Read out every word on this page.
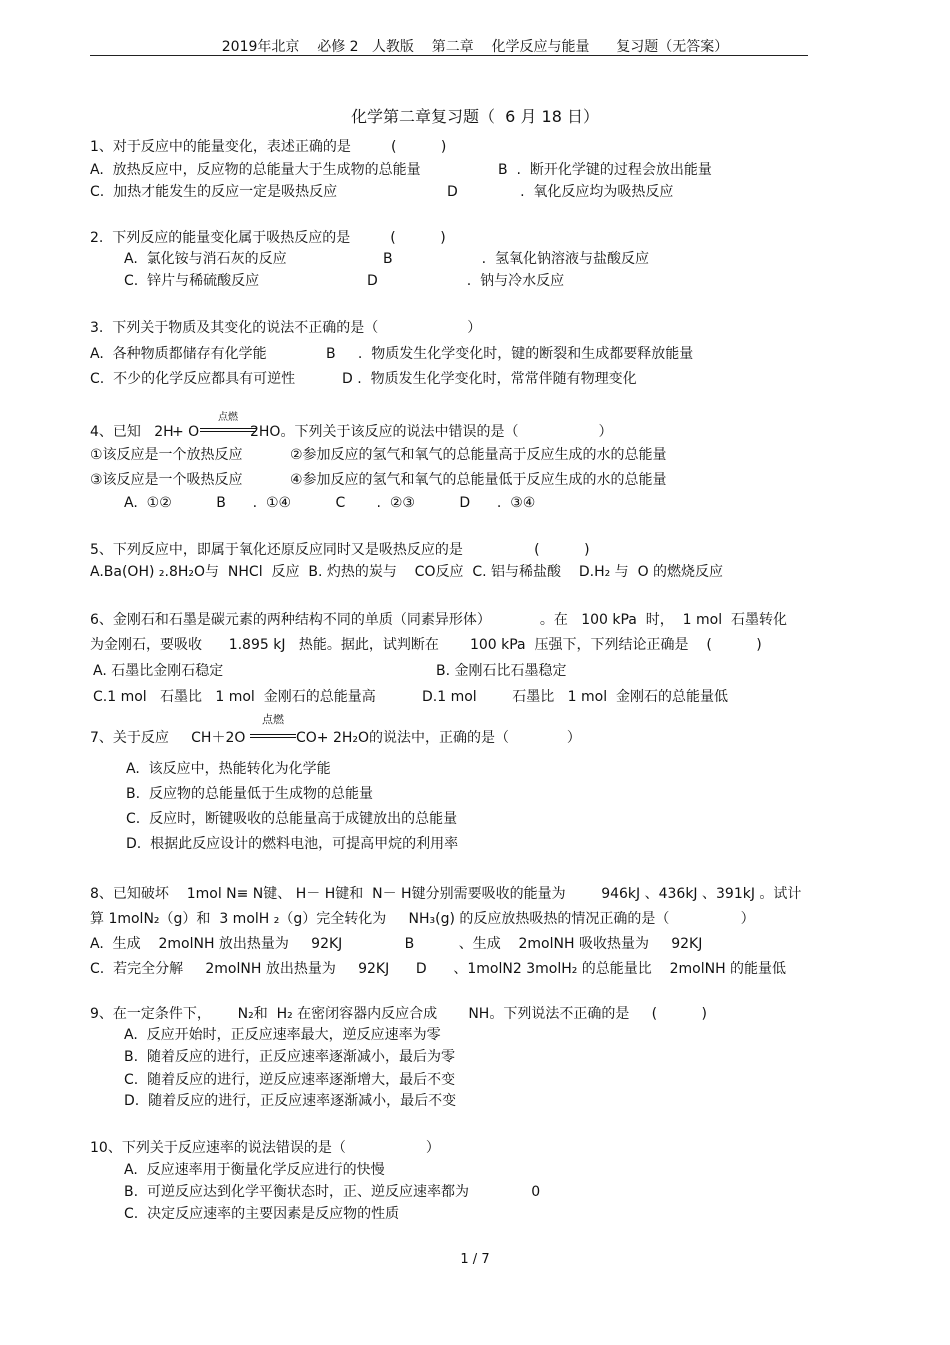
2019年北京    必修 2   人教版    第二章    化学反应与能量      复习题（无答案）
化学第二章复习题（  6 月 18 日）
1、对于反应中的能量变化，表述正确的是         (          )
A.  放热反应中，反应物的总能量大于生成物的总能量	B  .  断开化学键的过程会放出能量
C.  加热才能发生的反应一定是吸热反应	D              .  氧化反应均为吸热反应
2.  下列反应的能量变化属于吸热反应的是         (          )
A.  氯化铵与消石灰的反应	B                    .  氢氧化钠溶液与盐酸反应
C.  锌片与稀硫酸反应	D                    .  钠与冷水反应
3.  下列关于物质及其变化的说法不正确的是（                    ）
A.  各种物质都储存有化学能	B     .  物质发生化学变化时，键的断裂和生成都要释放能量
C.  不少的化学反应都具有可逆性	D .  物质发生化学变化时，常常伴随有物理变化
4、已知   2H
+ O
点燃
2HO。下列关于该反应的说法中错误的是（                  ）
①该反应是一个放热反应	②参加反应的氢气和氧气的总能量高于反应生成的水的总能量
③该反应是一个吸热反应	④参加反应的氢气和氧气的总能量低于反应生成的水的总能量
A.  ①②          B      .  ①④          C       .  ②③          D      .  ③④
5、下列反应中，即属于氧化还原反应同时又是吸热反应的是                (          )
A.Ba(OH) ₂.8H₂O与  NHCl  反应  B. 灼热的炭与    CO反应  C. 铝与稀盐酸    D.H₂ 与  O 的燃烧反应
6、金刚石和石墨是碳元素的两种结构不同的单质（同素异形体）           。在   100 kPa  时，  1 mol  石墨转化
为金刚石，要吸收      1.895 kJ   热能。据此，试判断在       100 kPa  压强下，下列结论正确是    (          )
A. 石墨比金刚石稳定	B. 金刚石比石墨稳定
C.1 mol   石墨比   1 mol  金刚石的总能量高	D.1 mol        石墨比   1 mol  金刚石的总能量低
7、关于反应     CH＋2O
点燃
CO+ 2H₂O的说法中，正确的是（             ）
A.  该反应中，热能转化为化学能
B.  反应物的总能量低于生成物的总能量
C.  反应时，断键吸收的总能量高于成键放出的总能量
D.  根据此反应设计的燃料电池，可提高甲烷的利用率
8、已知破坏    1mol N≡ N键、 H－ H键和  N－ H键分别需要吸收的能量为        946kJ 、436kJ 、391kJ 。试计
算 1molN₂（g）和  3 molH ₂（g）完全转化为     NH₃(g) 的反应放热吸热的情况正确的是（                ）
A.  生成    2molNH 放出热量为     92KJ              B          、生成    2molNH 吸收热量为     92KJ
C.  若完全分解     2molNH 放出热量为     92KJ      D      、1molN2 3molH₂ 的总能量比    2molNH 的能量低
9、在一定条件下，      N₂和  H₂ 在密闭容器内反应合成       NH。下列说法不正确的是     (          )
A.  反应开始时，正反应速率最大，逆反应速率为零
B.  随着反应的进行，正反应速率逐渐减小，最后为零
C.  随着反应的进行，逆反应速率逐渐增大，最后不变
D.  随着反应的进行，正反应速率逐渐减小，最后不变
10、下列关于反应速率的说法错误的是（                  ）
A.  反应速率用于衡量化学反应进行的快慢
B.  可逆反应达到化学平衡状态时，正、逆反应速率都为              0
C.  决定反应速率的主要因素是反应物的性质
1 / 7
